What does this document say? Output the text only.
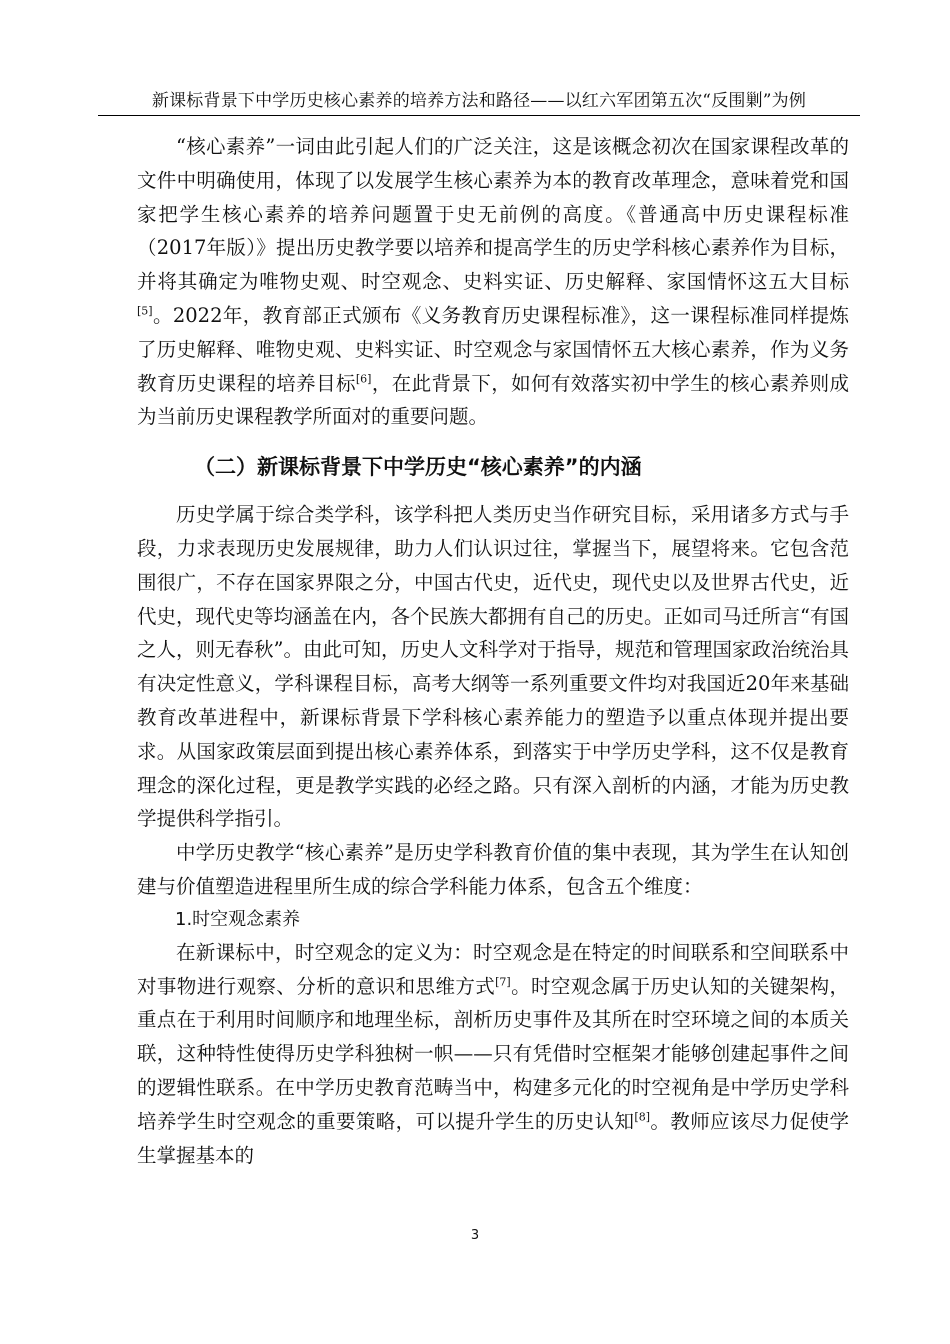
新课标背景下中学历史核心素养的培养方法和路径——以红六军团第五次“反围剿”为例

“核心素养”一词由此引起人们的广泛关注，这是该概念初次在国家课程改革的文件中明确使用，体现了以发展学生核心素养为本的教育改革理念，意味着党和国家把学生核心素养的培养问题置于史无前例的高度。《普通高中历史课程标准（2017年版）》提出历史教学要以培养和提高学生的历史学科核心素养作为目标，并将其确定为唯物史观、时空观念、史料实证、历史解释、家国情怀这五大目标[5]。2022年，教育部正式颁布《义务教育历史课程标准》，这一课程标准同样提炼了历史解释、唯物史观、史料实证、时空观念与家国情怀五大核心素养，作为义务教育历史课程的培养目标[6]，在此背景下，如何有效落实初中学生的核心素养则成为当前历史课程教学所面对的重要问题。

（二）新课标背景下中学历史“核心素养”的内涵

历史学属于综合类学科，该学科把人类历史当作研究目标，采用诸多方式与手段，力求表现历史发展规律，助力人们认识过往，掌握当下，展望将来。它包含范围很广，不存在国家界限之分，中国古代史，近代史，现代史以及世界古代史，近代史，现代史等均涵盖在内，各个民族大都拥有自己的历史。正如司马迁所言“有国之人，则无春秋”。由此可知，历史人文科学对于指导，规范和管理国家政治统治具有决定性意义，学科课程目标，高考大纲等一系列重要文件均对我国近20年来基础教育改革进程中，新课标背景下学科核心素养能力的塑造予以重点体现并提出要求。从国家政策层面到提出核心素养体系，到落实于中学历史学科，这不仅是教育理念的深化过程，更是教学实践的必经之路。只有深入剖析的内涵，才能为历史教学提供科学指引。

中学历史教学“核心素养”是历史学科教育价值的集中表现，其为学生在认知创建与价值塑造进程里所生成的综合学科能力体系，包含五个维度：

1.时空观念素养

在新课标中，时空观念的定义为：时空观念是在特定的时间联系和空间联系中对事物进行观察、分析的意识和思维方式[7]。时空观念属于历史认知的关键架构，重点在于利用时间顺序和地理坐标，剖析历史事件及其所在时空环境之间的本质关联，这种特性使得历史学科独树一帜——只有凭借时空框架才能够创建起事件之间的逻辑性联系。在中学历史教育范畴当中，构建多元化的时空视角是中学历史学科培养学生时空观念的重要策略，可以提升学生的历史认知[8]。教师应该尽力促使学生掌握基本的

3
